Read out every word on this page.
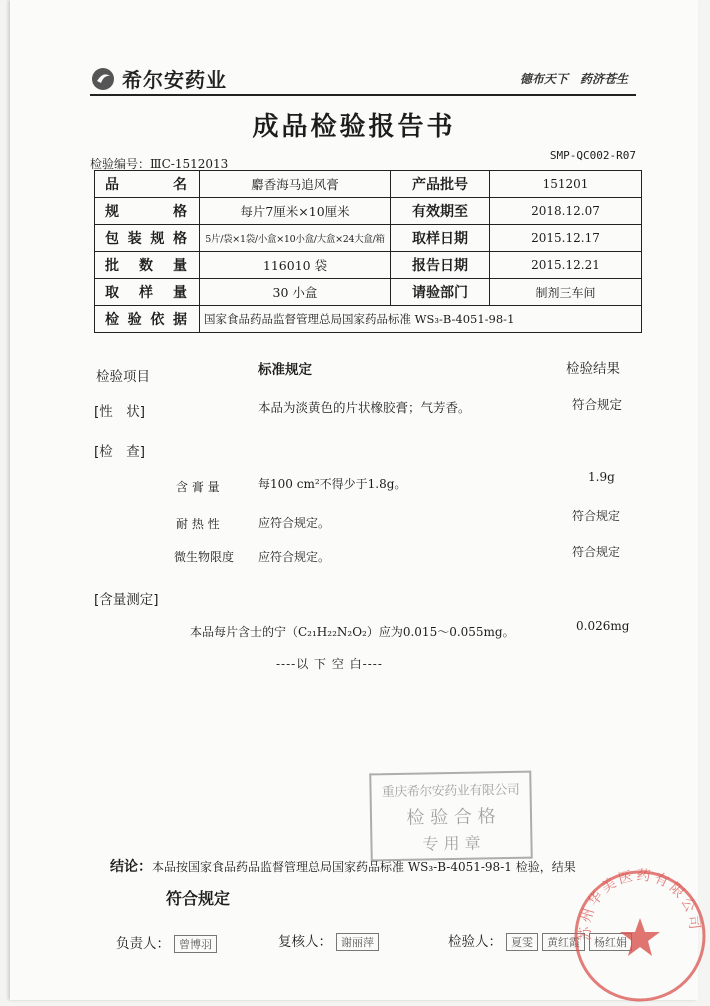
希尔安药业	德布天下 药济苍生
成品检验报告书
检验编号：ⅢC-1512013
SMP-QC002-R07
品　　名	麝香海马追风膏	产品批号	151201
规　　格	每片7厘米×10厘米	有效期至	2018.12.07
包装规格	5片/袋×1袋/小盒×10小盒/大盒×24大盒/箱	取样日期	2015.12.17
批数量	116010 袋	报告日期	2015.12.21
取样量	30 小盒	请验部门	制剂三车间
检验依据	国家食品药品监督管理总局国家药品标准 WS₃-B-4051-98-1		
检验项目	标准规定	检验结果
[性　状]	本品为淡黄色的片状橡胶膏；气芳香。	符合规定
[检　查]
含 膏 量	每100 cm²不得少于1.8g。	1.9g
耐 热 性	应符合规定。	符合规定
微生物限度 应符合规定。	符合规定
[含量测定]
本品每片含士的宁（C₂₁H₂₂N₂O₂）应为0.015～0.055mg。	0.026mg
----以 下 空 白----
重庆希尔安药业有限公司
检 验 合 格
专 用 章
结论：本品按国家食品药品监督管理总局国家药品标准 WS₃-B-4051-98-1 检验，结果
符合规定
负责人： 曾博羽	复核人： 谢丽萍	检验人： 夏雯 黄红霞 杨红娟
苏州华美医药有限公司
